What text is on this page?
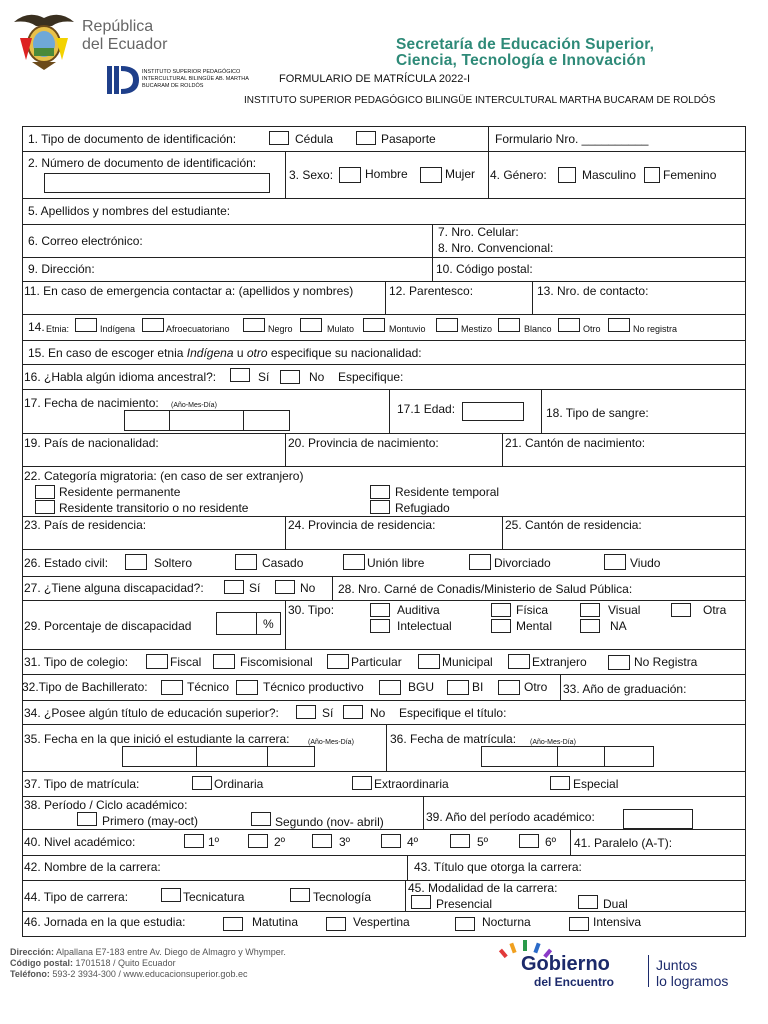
República
del Ecuador	Secretaría de Educación Superior,
Ciencia, Tecnología e Innovación
INSTITUTO SUPERIOR PEDAGÓGICO
INTERCULTURAL BILINGÜE AB. MARTHA
BUCARAM DE ROLDÓS
FORMULARIO DE MATRÍCULA 2022-I
INSTITUTO SUPERIOR PEDAGÓGICO BILINGÜE INTERCULTURAL MARTHA BUCARAM DE ROLDÓS
1. Tipo de documento de identificación:	Cédula	Pasaporte	Formulario Nro. __________
2. Número de documento de identificación:
3. Sexo:	Hombre	Mujer 4. Género:	Masculino Femenino
5. Apellidos y nombres del estudiante:
6. Correo electrónico:
7. Nro. Celular:
8. Nro. Convencional:
9. Dirección:	10. Código postal:
11. En caso de emergencia contactar a: (apellidos y nombres)	12. Parentesco:	13. Nro. de contacto:
14. Etnia:	Indígena	Afroecuatoriano	Negro	Mulato	Montuvio	Mestizo	Blanco	Otro	No registra
15. En caso de escoger etnia Indígena u otro especifique su nacionalidad:
16. ¿Habla algún idioma ancestral?:	Sí	No Especifique:
17. Fecha de nacimiento: (Año-Mes-Día)	17.1 Edad:	18. Tipo de sangre:
19. País de nacionalidad:	20. Provincia de nacimiento:	21. Cantón de nacimiento:
22. Categoría migratoria: (en caso de ser extranjero)
Residente permanente	Residente temporal
Residente transitorio o no residente	Refugiado
23. País de residencia:	24. Provincia de residencia:	25. Cantón de residencia:
26. Estado civil:	Soltero	Casado	Unión libre	Divorciado	Viudo
27. ¿Tiene alguna discapacidad?:	Sí	No 28. Nro. Carné de Conadis/Ministerio de Salud Pública:
29. Porcentaje de discapacidad	%
30. Tipo:	Auditiva	Física	Visual	Otra
Intelectual	Mental	NA
31. Tipo de colegio:	Fiscal	Fiscomisional	Particular	Municipal	Extranjero	No Registra
32.Tipo de Bachillerato:	Técnico	Técnico productivo	BGU	BI	Otro 33. Año de graduación:
34. ¿Posee algún título de educación superior?:	Sí	No Especifique el título:
35. Fecha en la que inició el estudiante la carrera:	(Año-Mes-Día)	36. Fecha de matrícula: (Año-Mes-Día)
37. Tipo de matrícula:	Ordinaria	Extraordinaria	Especial
38. Período / Ciclo académico:
Primero (may-oct)	Segundo (nov- abril)	39. Año del período académico:
40. Nivel académico:	1º	2º	3º	4º	5º	6º 41. Paralelo (A-T):
42. Nombre de la carrera:	43. Título que otorga la carrera:
44. Tipo de carrera:	Tecnicatura	Tecnología
45. Modalidad de la carrera:
Presencial	Dual
46. Jornada en la que estudia:	Matutina	Vespertina	Nocturna	Intensiva
Dirección: Alpallana E7-183 entre Av. Diego de Almagro y Whymper.
Código postal: 1701518 / Quito Ecuador
Teléfono: 593-2 3934-300 / www.educacionsuperior.gob.ec	Gobierno
del Encuentro
Juntos
lo logramos
